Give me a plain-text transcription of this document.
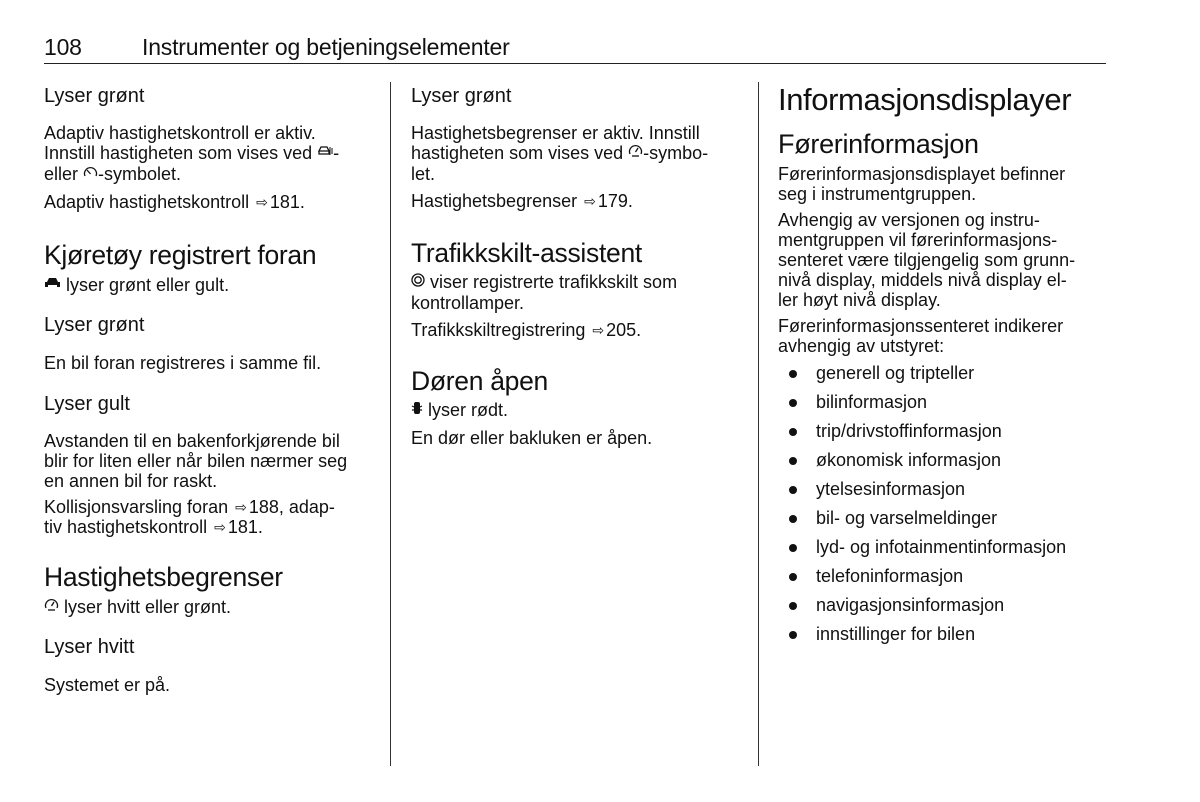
108	Instrumenter og betjeningselementer
Lyser grønt

Adaptiv hastighetskontroll er aktiv.
Innstill hastigheten som vises ved -
eller -symbolet.

Adaptiv hastighetskontroll ⇨ 181.

Kjøretøy registrert foran

lyser grønt eller gult.

Lyser grønt

En bil foran registreres i samme fil.

Lyser gult

Avstanden til en bakenforkjørende bil
blir for liten eller når bilen nærmer seg
en annen bil for raskt.

Kollisjonsvarsling foran ⇨ 188, adap-
tiv hastighetskontroll ⇨ 181.

Hastighetsbegrenser

lyser hvitt eller grønt.

Lyser hvitt

Systemet er på.

Lyser grønt

Hastighetsbegrenser er aktiv. Innstill
hastigheten som vises ved -symbo-
let.

Hastighetsbegrenser ⇨ 179.

Trafikkskilt-assistent

viser registrerte trafikkskilt som
kontrollamper.

Trafikkskiltregistrering ⇨ 205.

Døren åpen

lyser rødt.

En dør eller bakluken er åpen.

Informasjonsdisplayer
Førerinformasjon

Førerinformasjonsdisplayet befinner
seg i instrumentgruppen.

Avhengig av versjonen og instru-
mentgruppen vil førerinformasjons-
senteret være tilgjengelig som grunn-
nivå display, middels nivå display el-
ler høyt nivå display.

Førerinformasjonssenteret indikerer
avhengig av utstyret:

generell og tripteller
bilinformasjon
trip/drivstoffinformasjon
økonomisk informasjon
ytelsesinformasjon
bil- og varselmeldinger
lyd- og infotainmentinformasjon
telefoninformasjon
navigasjonsinformasjon
innstillinger for bilen
